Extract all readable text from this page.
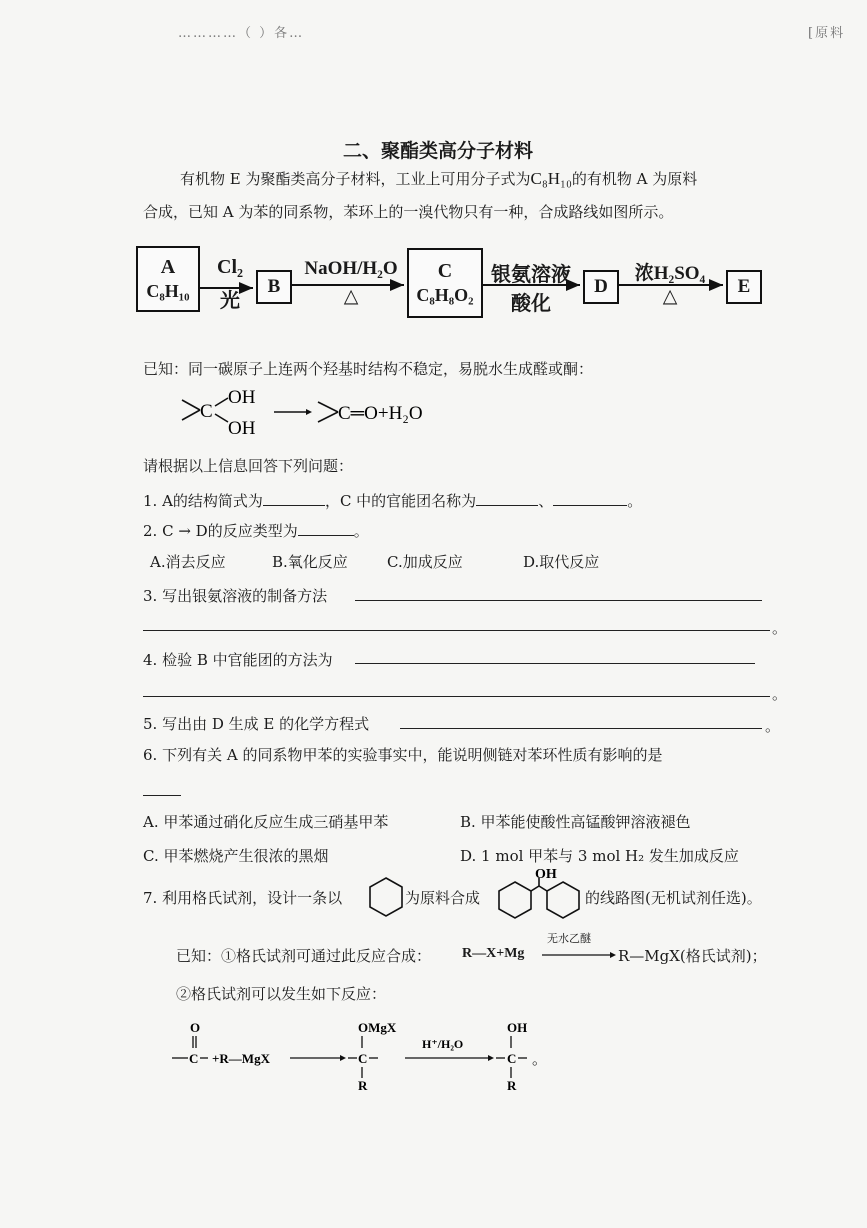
…………（ ）各…	[原料
二、聚酯类高分子材料
有机物 E 为聚酯类高分子材料，工业上可用分子式为C₈H₁₀的有机物 A 为原料
合成，已知 A 为苯的同系物，苯环上的一溴代物只有一种，合成路线如图所示。
A
C₈H₁₀
Cl₂
光
B
NaOH/H₂O
△
C
C₈H₈O₂
银氨溶液
酸化
D
浓H₂SO₄
△	E
已知：同一碳原子上连两个羟基时结构不稳定，易脱水生成醛或酮：
C
OH
OH
C═O+H₂O
请根据以上信息回答下列问题：
1. A的结构简式为	，C 中的官能团名称为	、	。
2. C → D的反应类型为	。
A.消去反应	B.氧化反应	C.加成反应	D.取代反应
3. 写出银氨溶液的制备方法
。
4. 检验 B 中官能团的方法为
。
5. 写出由 D 生成 E 的化学方程式	。
6. 下列有关 A 的同系物甲苯的实验事实中，能说明侧链对苯环性质有影响的是
A. 甲苯通过硝化反应生成三硝基甲苯	B. 甲苯能使酸性高锰酸钾溶液褪色
C. 甲苯燃烧产生很浓的黑烟	D. 1 mol 甲苯与 3 mol H₂ 发生加成反应
7. 利用格氏试剂，设计一条以	为原料合成
OH
的线路图(无机试剂任选)。
已知：①格氏试剂可通过此反应合成： R—X+Mg
无水乙醚
R—MgX(格氏试剂)；
②格氏试剂可以发生如下反应：
O
C +R—MgX
OMgX
C
R
H⁺/H₂O
OH
C
R
。
